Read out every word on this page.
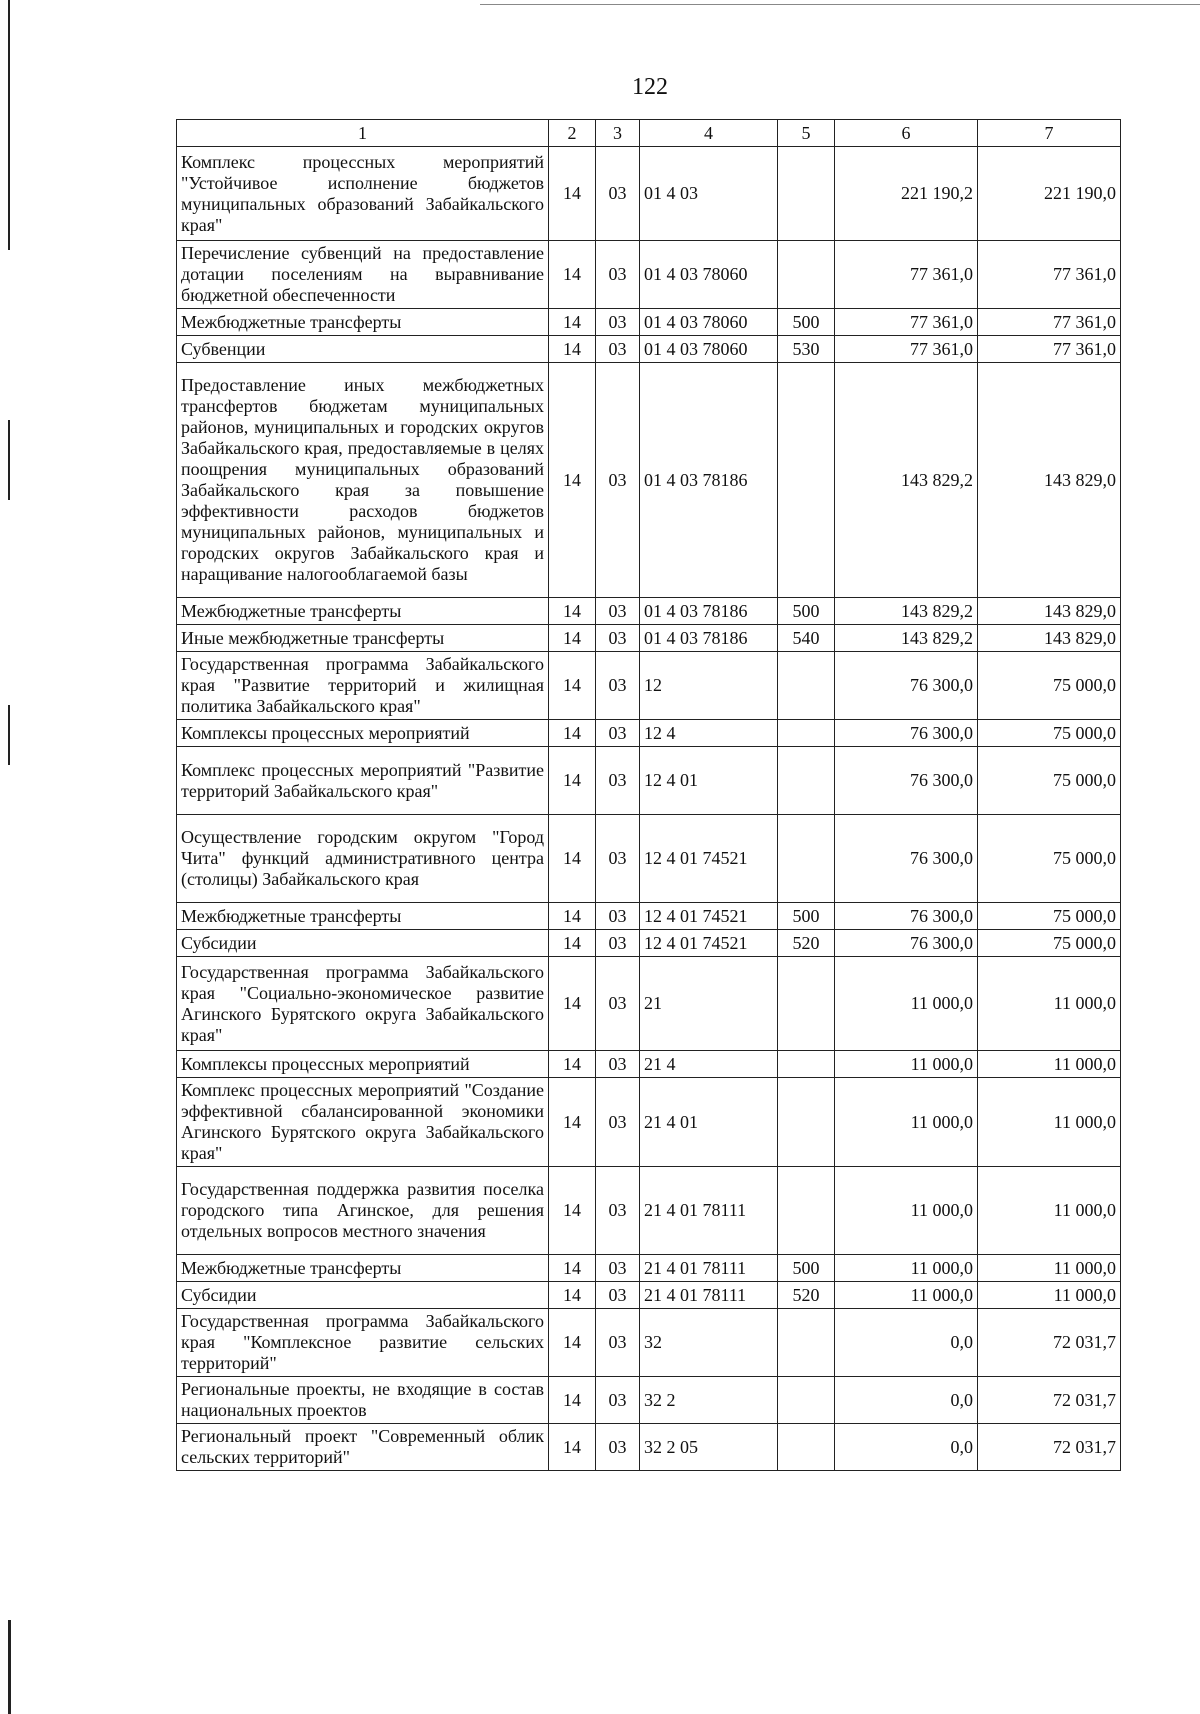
122
1	2	3	4	5	6	7
Комплекс процессных мероприятий "Устойчивое исполнение бюджетов муниципальных образований Забайкальского края"	14	03	01 4 03		221 190,2	221 190,0
Перечисление субвенций на предоставление дотации поселениям на выравнивание бюджетной обеспеченности	14	03	01 4 03 78060		77 361,0	77 361,0
Межбюджетные трансферты	14	03	01 4 03 78060	500	77 361,0	77 361,0
Субвенции	14	03	01 4 03 78060	530	77 361,0	77 361,0
Предоставление иных межбюджетных трансфертов бюджетам муниципальных районов, муниципальных и городских округов Забайкальского края, предоставляемые в целях поощрения муниципальных образований Забайкальского края за повышение эффективности расходов бюджетов муниципальных районов, муниципальных и городских округов Забайкальского края и наращивание налогооблагаемой базы	14	03	01 4 03 78186		143 829,2	143 829,0
Межбюджетные трансферты	14	03	01 4 03 78186	500	143 829,2	143 829,0
Иные межбюджетные трансферты	14	03	01 4 03 78186	540	143 829,2	143 829,0
Государственная программа Забайкальского края "Развитие территорий и жилищная политика Забайкальского края"	14	03	12		76 300,0	75 000,0
Комплексы процессных мероприятий	14	03	12 4		76 300,0	75 000,0
Комплекс процессных мероприятий "Развитие территорий Забайкальского края"	14	03	12 4 01		76 300,0	75 000,0
Осуществление городским округом "Город Чита" функций административного центра (столицы) Забайкальского края	14	03	12 4 01 74521		76 300,0	75 000,0
Межбюджетные трансферты	14	03	12 4 01 74521	500	76 300,0	75 000,0
Субсидии	14	03	12 4 01 74521	520	76 300,0	75 000,0
Государственная программа Забайкальского края "Социально-экономическое развитие Агинского Бурятского округа Забайкальского края"	14	03	21		11 000,0	11 000,0
Комплексы процессных мероприятий	14	03	21 4		11 000,0	11 000,0
Комплекс процессных мероприятий "Создание эффективной сбалансированной экономики Агинского Бурятского округа Забайкальского края"	14	03	21 4 01		11 000,0	11 000,0
Государственная поддержка развития поселка городского типа Агинское, для решения отдельных вопросов местного значения	14	03	21 4 01 78111		11 000,0	11 000,0
Межбюджетные трансферты	14	03	21 4 01 78111	500	11 000,0	11 000,0
Субсидии	14	03	21 4 01 78111	520	11 000,0	11 000,0
Государственная программа Забайкальского края "Комплексное развитие сельских территорий"	14	03	32		0,0	72 031,7
Региональные проекты, не входящие в состав национальных проектов	14	03	32 2		0,0	72 031,7
Региональный проект "Современный облик сельских территорий"	14	03	32 2 05		0,0	72 031,7
